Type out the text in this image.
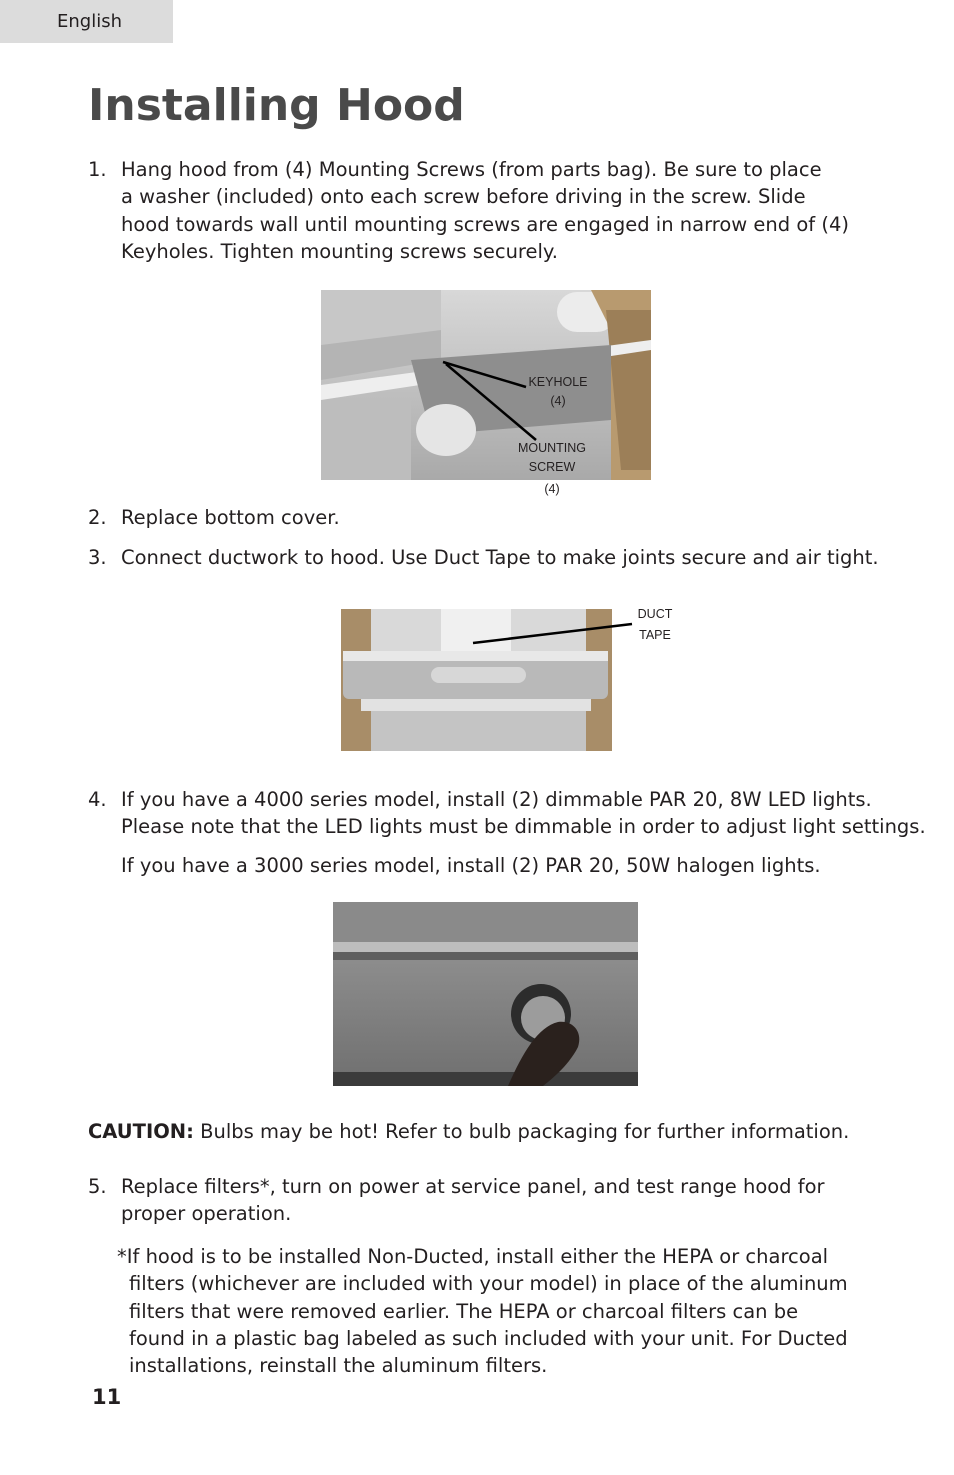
English
Installing Hood
1. Hang hood from (4) Mounting Screws (from parts bag). Be sure to place
a washer (included) onto each screw before driving in the screw. Slide
hood towards wall until mounting screws are engaged in narrow end of (4)
Keyholes. Tighten mounting screws securely.
KEYHOLE
(4)
MOUNTING
SCREW
(4)
2. Replace bottom cover.
3. Connect ductwork to hood. Use Duct Tape to make joints secure and air tight.
DUCT
TAPE
4. If you have a 4000 series model, install (2) dimmable PAR 20, 8W LED lights.
Please note that the LED lights must be dimmable in order to adjust light settings.
If you have a 3000 series model, install (2) PAR 20, 50W halogen lights.
CAUTION: Bulbs may be hot! Refer to bulb packaging for further information.
5. Replace filters*, turn on power at service panel, and test range hood for
proper operation.
*If hood is to be installed Non-Ducted, install either the HEPA or charcoal
filters (whichever are included with your model) in place of the aluminum
filters that were removed earlier. The HEPA or charcoal filters can be
found in a plastic bag labeled as such included with your unit. For Ducted
installations, reinstall the aluminum filters.
11
